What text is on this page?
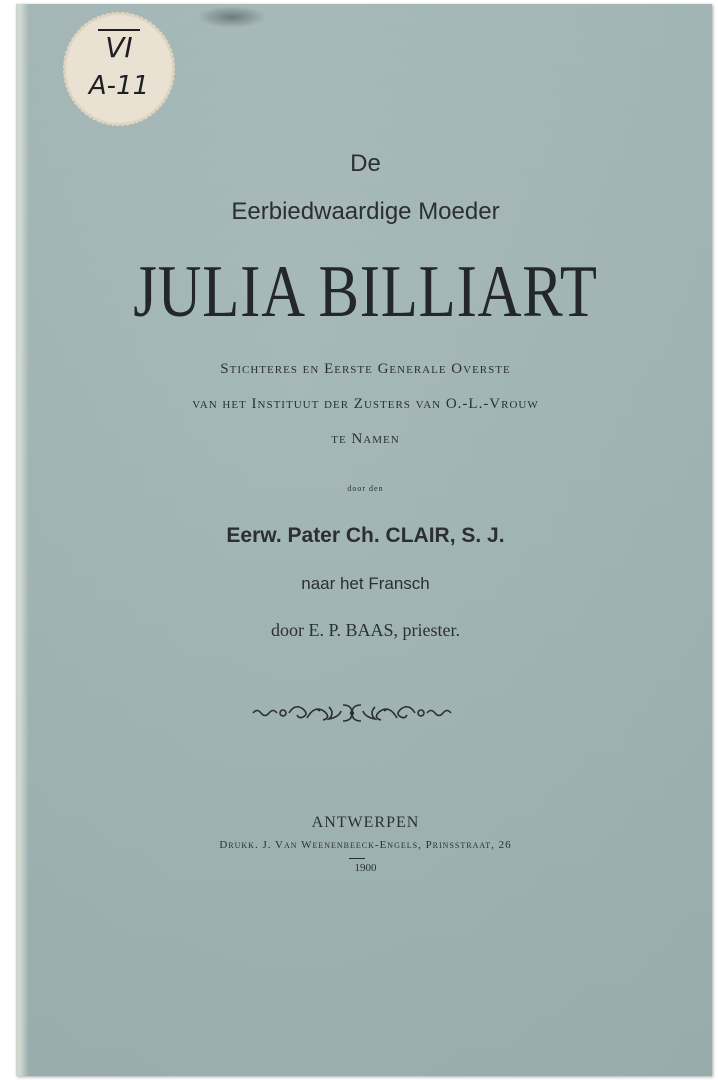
VI
A-11
De
Eerbiedwaardige Moeder
JULIA BILLIART
Stichteres en Eerste Generale Overste
van het Instituut der Zusters van O.-L.-Vrouw
te Namen
door den
Eerw. Pater Ch. CLAIR, S. J.
naar het Fransch
door E. P. BAAS, priester.
ANTWERPEN
Drukk. J. Van Weenenbeeck-Engels, Prinsstraat, 26
1900
